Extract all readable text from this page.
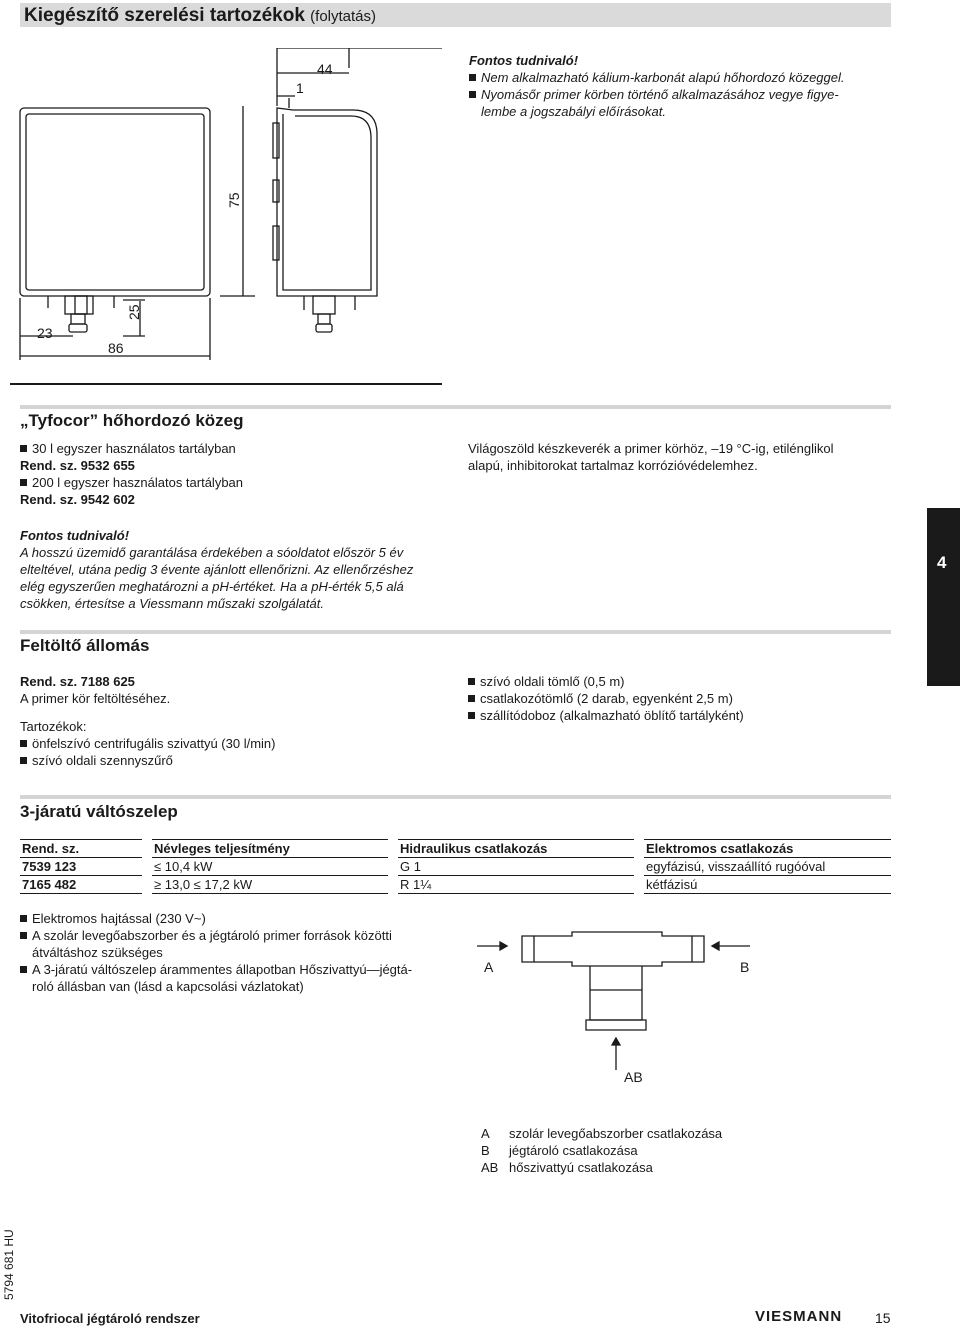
Kiegészítő szerelési tartozékok (folytatás)
44
1
75
25
23
86
Fontos tudnivaló!
Nem alkalmazható kálium-karbonát alapú hőhordozó közeggel.
Nyomásőr primer körben történő alkalmazásához vegye figye-
lembe a jogszabályi előírásokat.
„Tyfocor” hőhordozó közeg
30 l egyszer használatos tartályban
Rend. sz. 9532 655
200 l egyszer használatos tartályban
Rend. sz. 9542 602
Világoszöld készkeverék a primer körhöz, –19 °C-ig, etilénglikol
alapú, inhibitorokat tartalmaz korrózióvédelemhez.
Fontos tudnivaló!
A hosszú üzemidő garantálása érdekében a sóoldatot először 5 év
elteltével, utána pedig 3 évente ajánlott ellenőrizni. Az ellenőrzéshez
elég egyszerűen meghatározni a pH-értéket. Ha a pH-érték 5,5 alá
csökken, értesítse a Viessmann műszaki szolgálatát.
4
Feltöltő állomás
Rend. sz. 7188 625
A primer kör feltöltéséhez.
Tartozékok:
önfelszívó centrifugális szivattyú (30 l/min)
szívó oldali szennyszűrő
szívó oldali tömlő (0,5 m)
csatlakozótömlő (2 darab, egyenként 2,5 m)
szállítódoboz (alkalmazható öblítő tartályként)
3-járatú váltószelep
Rend. sz.	Névleges teljesítmény	Hidraulikus csatlakozás	Elektromos csatlakozás
7539 123	≤ 10,4 kW	G 1	egyfázisú, visszaállító rugóóval
7165 482	≥ 13,0 ≤ 17,2 kW	R 1¼	kétfázisú
Elektromos hajtással (230 V~)
A szolár levegőabszorber és a jégtároló primer források közötti
átváltáshoz szükséges
A 3-járatú váltószelep árammentes állapotban Hőszivattyú—jégtá-
roló állásban van (lásd a kapcsolási vázlatokat)
A	B
AB
A szolár levegőabszorber csatlakozása
B jégtároló csatlakozása
AB hőszivattyú csatlakozása
5794 681 HU
Vitofriocal jégtároló rendszer	VIESMANN 15
